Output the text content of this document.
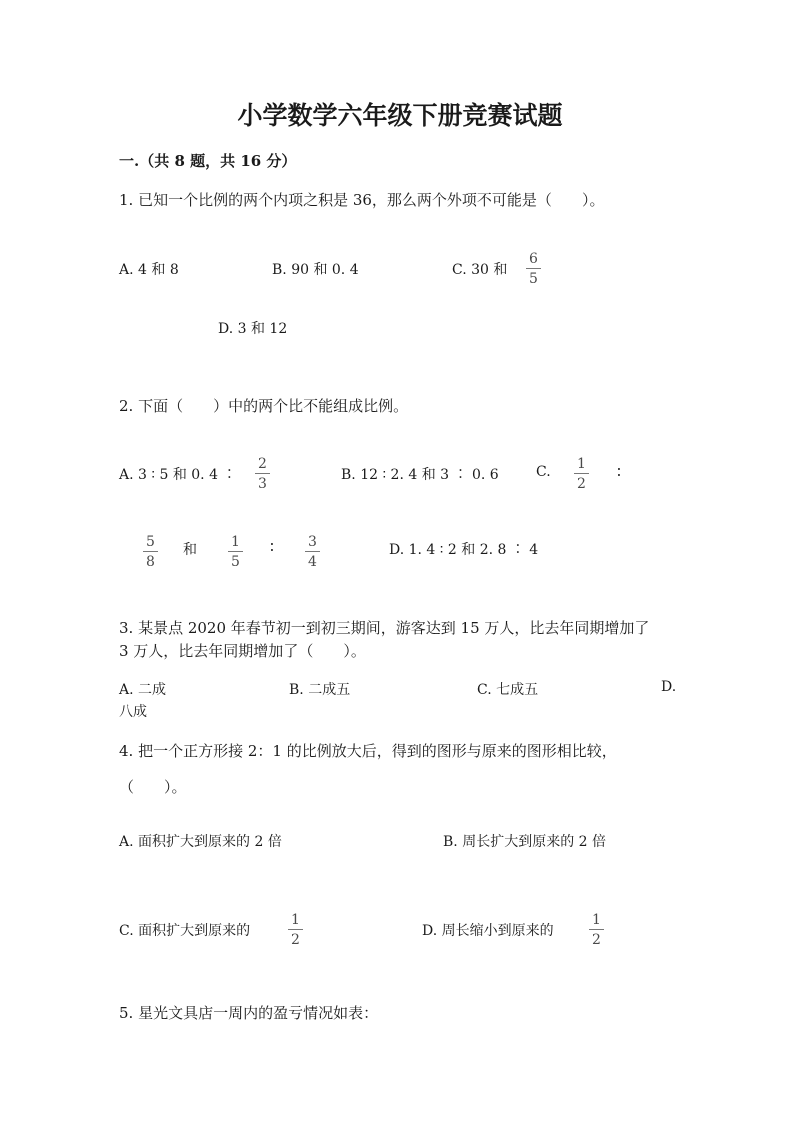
小学数学六年级下册竞赛试题
一.（共 8 题，共 16 分）
1. 已知一个比例的两个内项之积是 36，那么两个外项不可能是（　　）。
A. 4 和 8	B. 90 和 0. 4	C. 30 和 $\frac{6}{5}$
D. 3 和 12
2. 下面（　　）中的两个比不能组成比例。
A. 3 ∶ 5 和 0. 4 ∶ $\frac{2}{3}$	B. 12 ∶ 2. 4 和 3 ∶ 0. 6	C. $\frac{1}{2}$ ∶
$\frac{5}{8}$ 和 $\frac{1}{5}$ ∶ $\frac{3}{4}$	D. 1. 4 ∶ 2 和 2. 8 ∶ 4
3. 某景点 2020 年春节初一到初三期间，游客达到 15 万人，比去年同期增加了
3 万人，比去年同期增加了（　　）。
A. 二成	B. 二成五	C. 七成五	D.
八成
4. 把一个正方形接 2：1 的比例放大后，得到的图形与原来的图形相比较，
（　　）。
A. 面积扩大到原来的 2 倍	B. 周长扩大到原来的 2 倍
C. 面积扩大到原来的	$\frac{1}{2}$	D. 周长缩小到原来的	$\frac{1}{2}$
5. 星光文具店一周内的盈亏情况如表：
